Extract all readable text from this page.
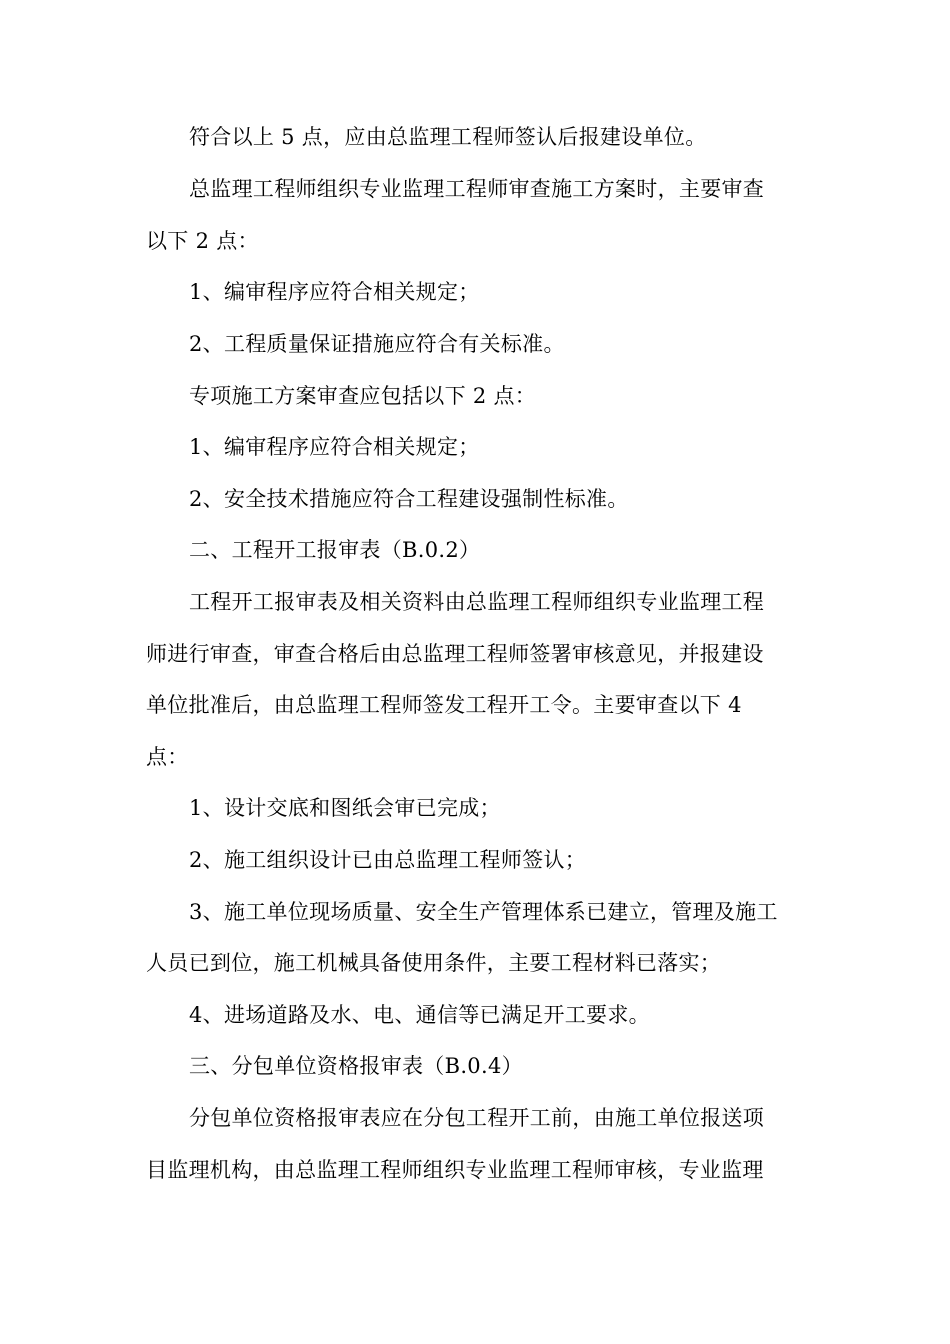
符合以上 5 点，应由总监理工程师签认后报建设单位。
总监理工程师组织专业监理工程师审查施工方案时，主要审查
以下 2 点：
1、编审程序应符合相关规定；
2、工程质量保证措施应符合有关标准。
专项施工方案审查应包括以下 2 点：
1、编审程序应符合相关规定；
2、安全技术措施应符合工程建设强制性标准。
二、工程开工报审表（B.0.2）
工程开工报审表及相关资料由总监理工程师组织专业监理工程
师进行审查，审查合格后由总监理工程师签署审核意见，并报建设
单位批准后，由总监理工程师签发工程开工令。主要审查以下 4
点：
1、设计交底和图纸会审已完成；
2、施工组织设计已由总监理工程师签认；
3、施工单位现场质量、安全生产管理体系已建立，管理及施工
人员已到位，施工机械具备使用条件，主要工程材料已落实；
4、进场道路及水、电、通信等已满足开工要求。
三、分包单位资格报审表（B.0.4）
分包单位资格报审表应在分包工程开工前，由施工单位报送项
目监理机构，由总监理工程师组织专业监理工程师审核，专业监理
